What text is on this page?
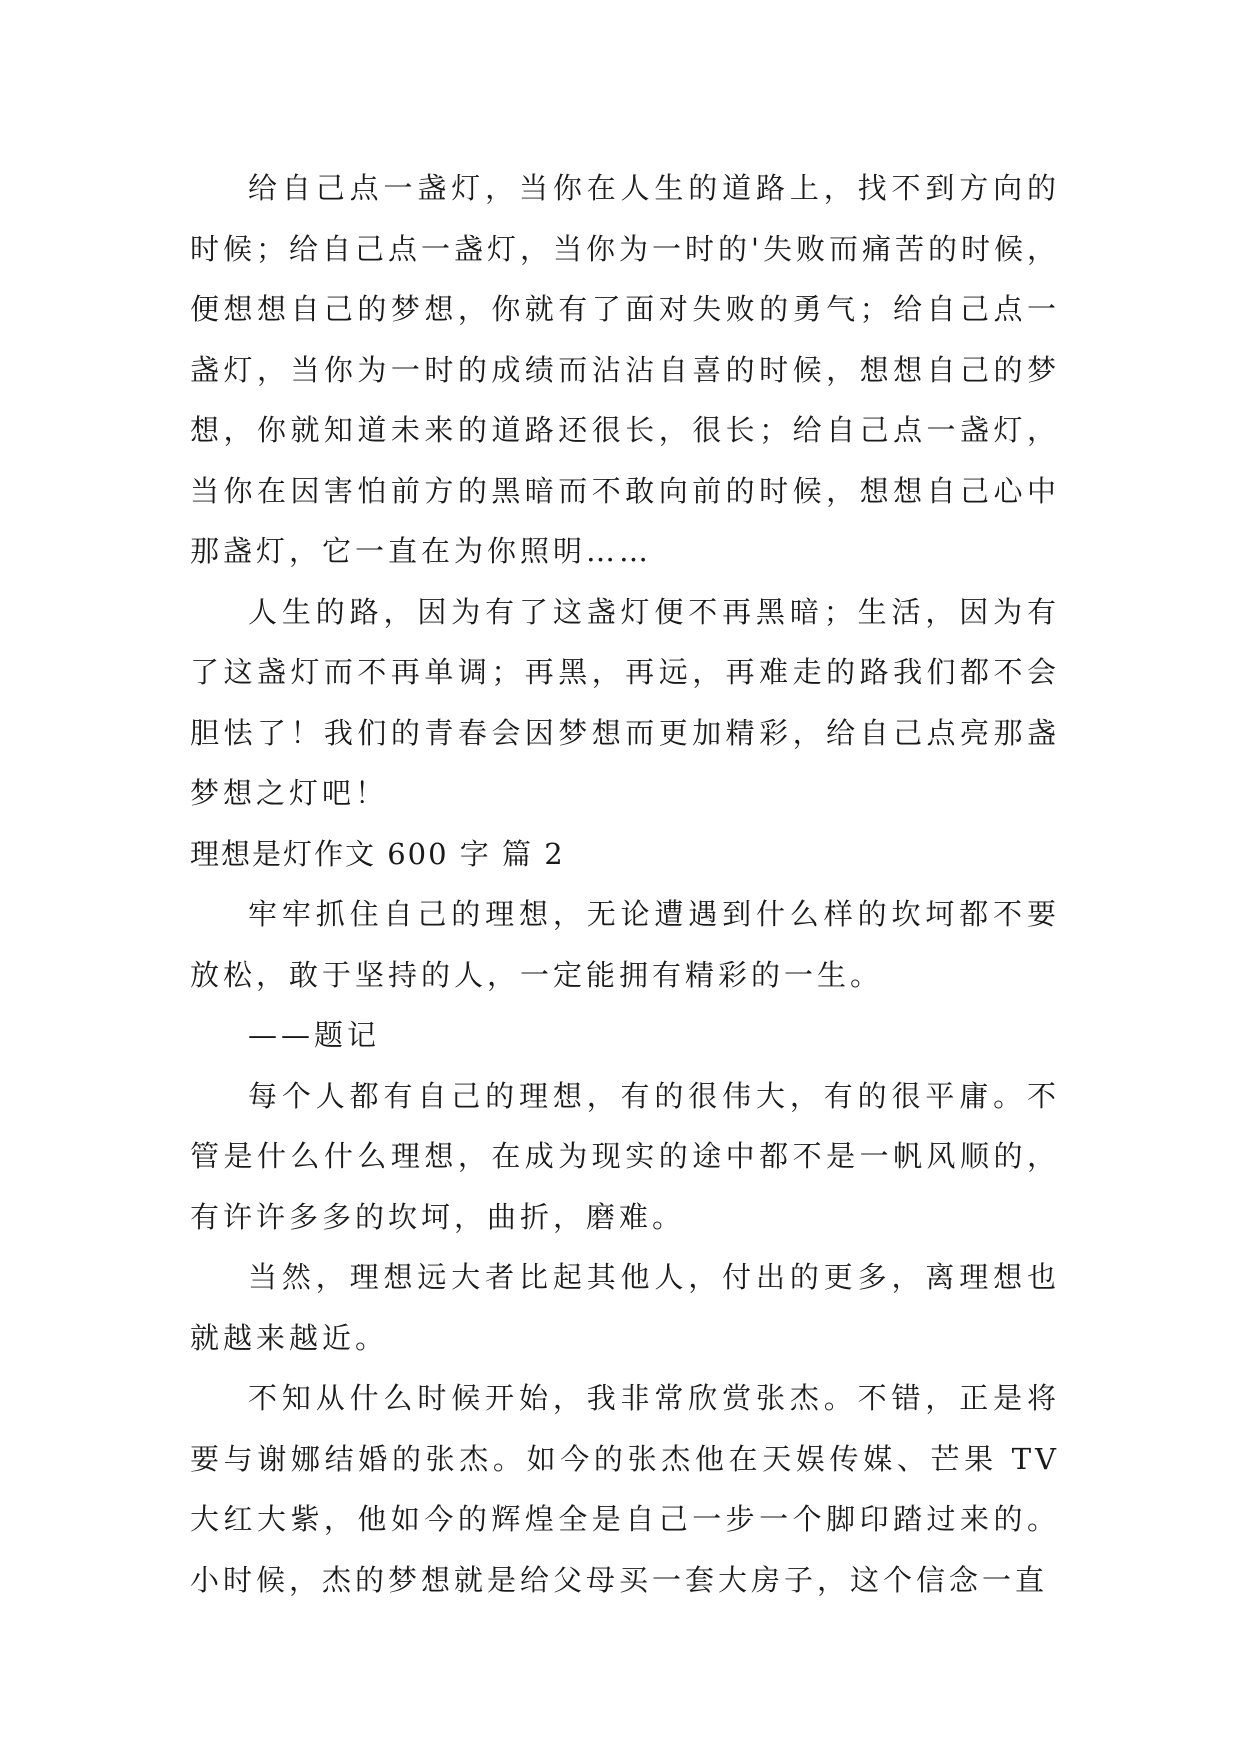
给自己点一盏灯，当你在人生的道路上，找不到方向的时候；给自己点一盏灯，当你为一时的'失败而痛苦的时候，便想想自己的梦想，你就有了面对失败的勇气；给自己点一盏灯，当你为一时的成绩而沾沾自喜的时候，想想自己的梦想，你就知道未来的道路还很长，很长；给自己点一盏灯，当你在因害怕前方的黑暗而不敢向前的时候，想想自己心中那盏灯，它一直在为你照明……

人生的路，因为有了这盏灯便不再黑暗；生活，因为有了这盏灯而不再单调；再黑，再远，再难走的路我们都不会胆怯了！我们的青春会因梦想而更加精彩，给自己点亮那盏梦想之灯吧！

理想是灯作文 600 字 篇 2

牢牢抓住自己的理想，无论遭遇到什么样的坎坷都不要放松，敢于坚持的人，一定能拥有精彩的一生。

——题记

每个人都有自己的理想，有的很伟大，有的很平庸。不管是什么什么理想，在成为现实的途中都不是一帆风顺的，有许许多多的坎坷，曲折，磨难。

当然，理想远大者比起其他人，付出的更多，离理想也就越来越近。

不知从什么时候开始，我非常欣赏张杰。不错，正是将要与谢娜结婚的张杰。如今的张杰他在天娱传媒、芒果 TV 大红大紫，他如今的辉煌全是自己一步一个脚印踏过来的。小时候，杰的梦想就是给父母买一套大房子，这个信念一直
